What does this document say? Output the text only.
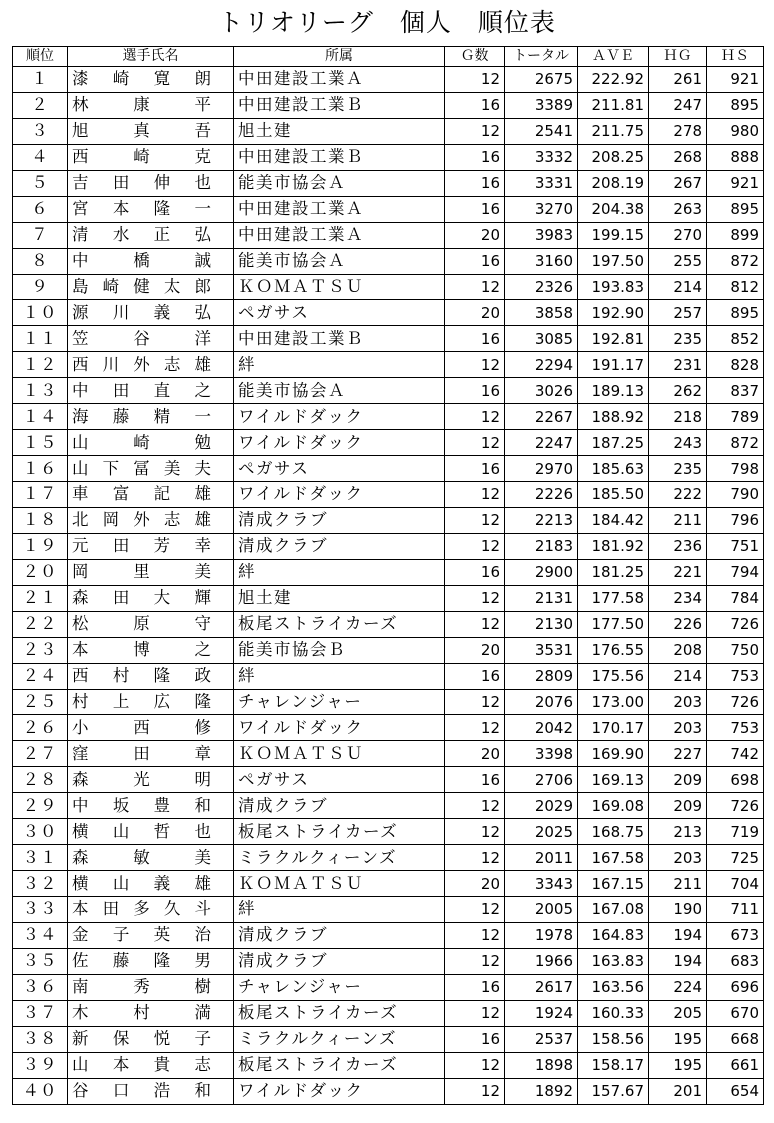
トリオリーグ　個人　順位表
順位	選手氏名	所属	Ｇ数	トータル	ＡＶＥ	ＨＧ	ＨＳ
１	漆崎寛朗	中田建設工業Ａ	12	2675	222.92	261	921
２	林康平	中田建設工業Ｂ	16	3389	211.81	247	895
３	旭真吾	旭土建	12	2541	211.75	278	980
４	西崎克	中田建設工業Ｂ	16	3332	208.25	268	888
５	吉田伸也	能美市協会Ａ	16	3331	208.19	267	921
６	宮本隆一	中田建設工業Ａ	16	3270	204.38	263	895
７	清水正弘	中田建設工業Ａ	20	3983	199.15	270	899
８	中橋誠	能美市協会Ａ	16	3160	197.50	255	872
９	島崎健太郎	ＫＯＭＡＴＳＵ	12	2326	193.83	214	812
１０	源川義弘	ペガサス	20	3858	192.90	257	895
１１	笠谷洋	中田建設工業Ｂ	16	3085	192.81	235	852
１２	西川外志雄	絆	12	2294	191.17	231	828
１３	中田直之	能美市協会Ａ	16	3026	189.13	262	837
１４	海藤精一	ワイルドダック	12	2267	188.92	218	789
１５	山崎勉	ワイルドダック	12	2247	187.25	243	872
１６	山下冨美夫	ペガサス	16	2970	185.63	235	798
１７	車富記雄	ワイルドダック	12	2226	185.50	222	790
１８	北岡外志雄	清成クラブ	12	2213	184.42	211	796
１９	元田芳幸	清成クラブ	12	2183	181.92	236	751
２０	岡里美	絆	16	2900	181.25	221	794
２１	森田大輝	旭土建	12	2131	177.58	234	784
２２	松原守	板尾ストライカーズ	12	2130	177.50	226	726
２３	本博之	能美市協会Ｂ	20	3531	176.55	208	750
２４	西村隆政	絆	16	2809	175.56	214	753
２５	村上広隆	チャレンジャー	12	2076	173.00	203	726
２６	小西修	ワイルドダック	12	2042	170.17	203	753
２７	窪田章	ＫＯＭＡＴＳＵ	20	3398	169.90	227	742
２８	森光明	ペガサス	16	2706	169.13	209	698
２９	中坂豊和	清成クラブ	12	2029	169.08	209	726
３０	横山哲也	板尾ストライカーズ	12	2025	168.75	213	719
３１	森敏美	ミラクルクィーンズ	12	2011	167.58	203	725
３２	横山義雄	ＫＯＭＡＴＳＵ	20	3343	167.15	211	704
３３	本田多久斗	絆	12	2005	167.08	190	711
３４	金子英治	清成クラブ	12	1978	164.83	194	673
３５	佐藤隆男	清成クラブ	12	1966	163.83	194	683
３６	南秀樹	チャレンジャー	16	2617	163.56	224	696
３７	木村満	板尾ストライカーズ	12	1924	160.33	205	670
３８	新保悦子	ミラクルクィーンズ	16	2537	158.56	195	668
３９	山本貴志	板尾ストライカーズ	12	1898	158.17	195	661
４０	谷口浩和	ワイルドダック	12	1892	157.67	201	654
